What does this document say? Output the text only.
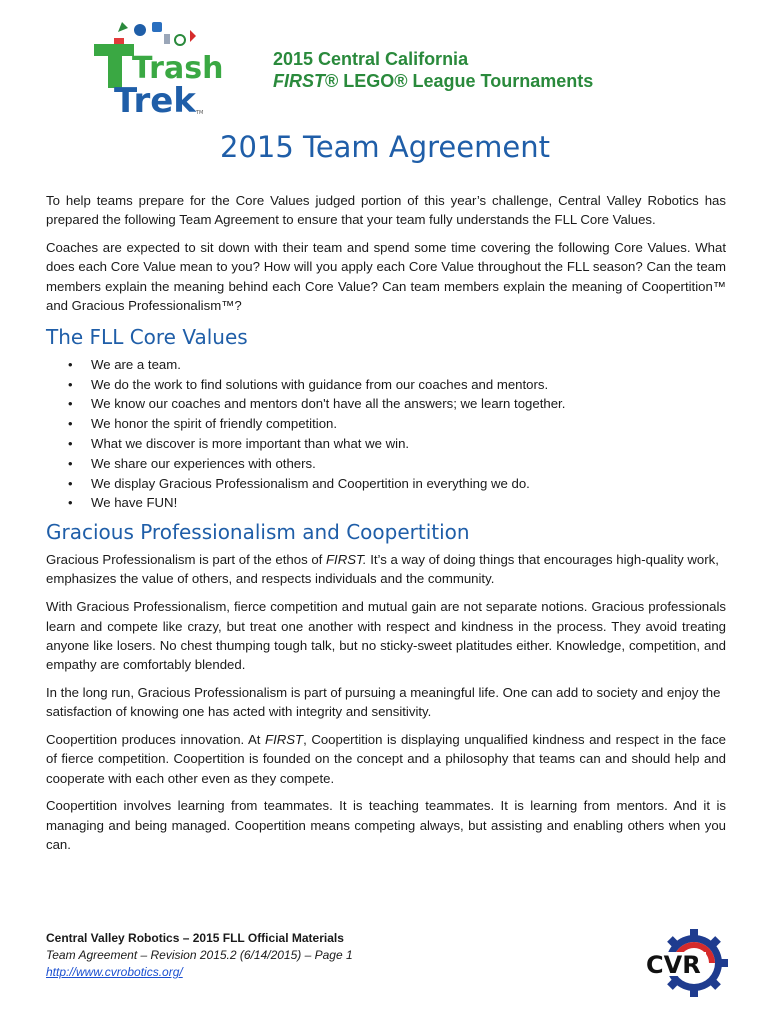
Trash
Trek TM
2015 Central California
FIRST® LEGO® League Tournaments
2015 Team Agreement

To help teams prepare for the Core Values judged portion of this year’s challenge, Central Valley Robotics has prepared the following Team Agreement to ensure that your team fully understands the FLL Core Values.

Coaches are expected to sit down with their team and spend some time covering the following Core Values. What does each Core Value mean to you? How will you apply each Core Value throughout the FLL season? Can the team members explain the meaning behind each Core Value? Can team members explain the meaning of Coopertition™ and Gracious Professionalism™?

The FLL Core Values
• We are a team.
• We do the work to find solutions with guidance from our coaches and mentors.
• We know our coaches and mentors don't have all the answers; we learn together.
• We honor the spirit of friendly competition.
• What we discover is more important than what we win.
• We share our experiences with others.
• We display Gracious Professionalism and Coopertition in everything we do.
• We have FUN!
Gracious Professionalism and Coopertition

Gracious Professionalism is part of the ethos of FIRST. It’s a way of doing things that encourages high-quality work, emphasizes the value of others, and respects individuals and the community.

With Gracious Professionalism, fierce competition and mutual gain are not separate notions. Gracious professionals learn and compete like crazy, but treat one another with respect and kindness in the process. They avoid treating anyone like losers. No chest thumping tough talk, but no sticky-sweet platitudes either. Knowledge, competition, and empathy are comfortably blended.

In the long run, Gracious Professionalism is part of pursuing a meaningful life. One can add to society and enjoy the satisfaction of knowing one has acted with integrity and sensitivity.

Coopertition produces innovation. At FIRST, Coopertition is displaying unqualified kindness and respect in the face of fierce competition. Coopertition is founded on the concept and a philosophy that teams can and should help and cooperate with each other even as they compete.

Coopertition involves learning from teammates. It is teaching teammates. It is learning from mentors. And it is managing and being managed. Coopertition means competing always, but assisting and enabling others when you can.

Central Valley Robotics – 2015 FLL Official Materials
Team Agreement – Revision 2015.2 (6/14/2015) – Page 1
http://www.cvrobotics.org/	CVR
